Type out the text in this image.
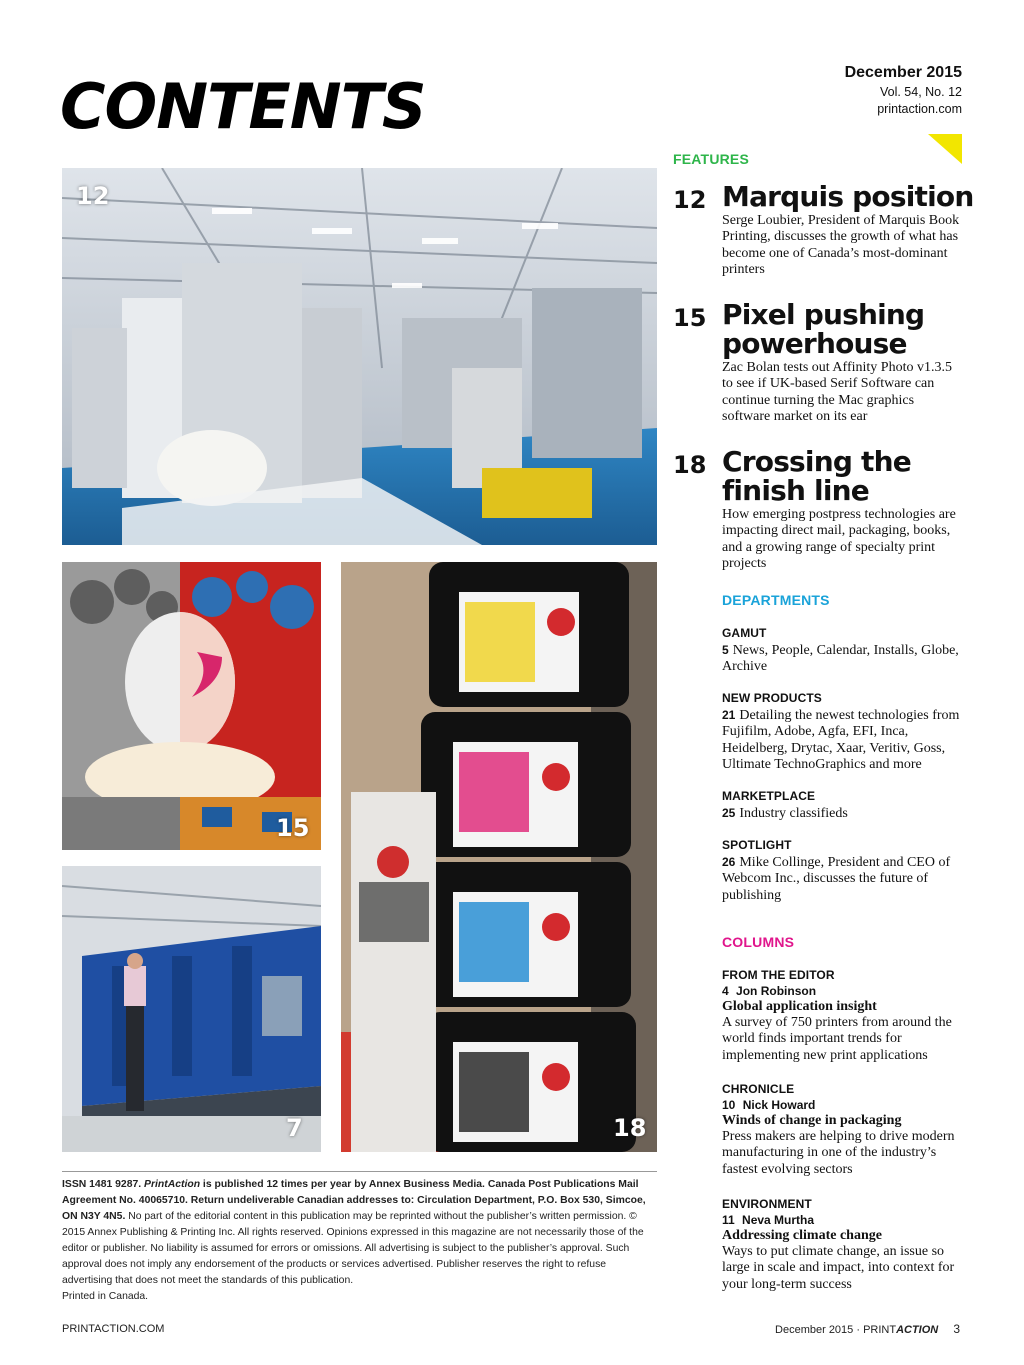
CONTENTS	December 2015
Vol. 54, No. 12
printaction.com
12
15
7	18
FEATURES
12 Marquis position
Serge Loubier, President of Marquis Book Printing, discusses the growth of what has become one of Canada’s most-dominant printers
15 Pixel pushing powerhouse
Zac Bolan tests out Affinity Photo v1.3.5 to see if UK-based Serif Software can continue turning the Mac graphics software market on its ear
18 Crossing the finish line
How emerging postpress technologies are impacting direct mail, packaging, books, and a growing range of specialty print projects
DEPARTMENTS
GAMUT
5 News, People, Calendar, Installs, Globe, Archive
NEW PRODUCTS
21 Detailing the newest technologies from Fujifilm, Adobe, Agfa, EFI, Inca, Heidelberg, Drytac, Xaar, Veritiv, Goss, Ultimate TechnoGraphics and more
MARKETPLACE
25 Industry classifieds
SPOTLIGHT
26 Mike Collinge, President and CEO of Webcom Inc., discusses the future of publishing
COLUMNS
FROM THE EDITOR
4 Jon Robinson
Global application insight
A survey of 750 printers from around the world finds important trends for implementing new print applications
CHRONICLE
10 Nick Howard
Winds of change in packaging
Press makers are helping to drive modern manufacturing in one of the industry’s fastest evolving sectors
ENVIRONMENT
11 Neva Murtha
Addressing climate change
Ways to put climate change, an issue so large in scale and impact, into context for your long-term success
ISSN 1481 9287. PrintAction is published 12 times per year by Annex Business Media. Canada Post Publications Mail Agreement No. 40065710. Return undeliverable Canadian addresses to: Circulation Department, P.O. Box 530, Simcoe, ON N3Y 4N5. No part of the editorial content in this publication may be reprinted without the publisher’s written permission. © 2015 Annex Publishing & Printing Inc. All rights reserved. Opinions expressed in this magazine are not necessarily those of the editor or publisher. No liability is assumed for errors or omissions. All advertising is subject to the publisher’s approval. Such approval does not imply any endorsement of the products or services advertised. Publisher reserves the right to refuse advertising that does not meet the standards of this publication.
Printed in Canada.
PRINTACTION.COM	December 2015 · PRINTACTION 3
